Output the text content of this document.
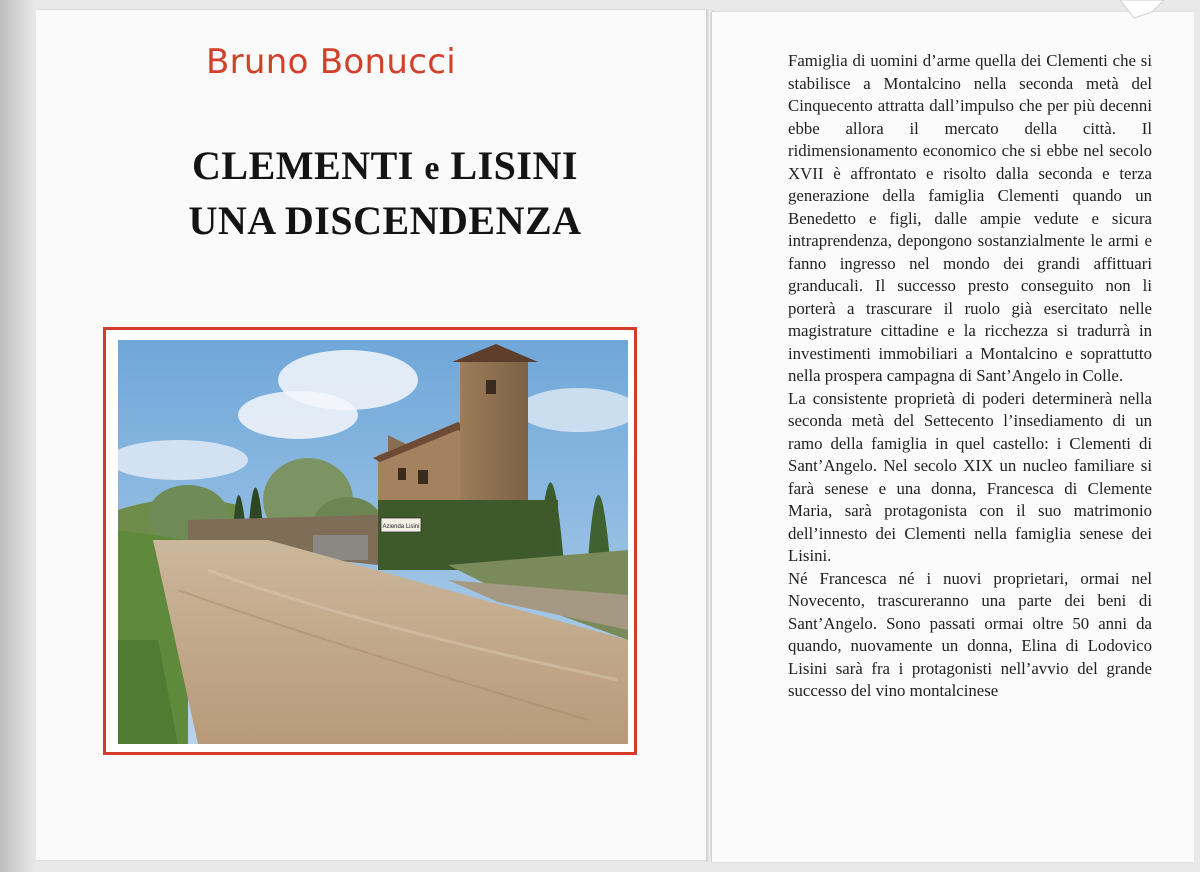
Bruno Bonucci
CLEMENTI e LISINI
UNA DISCENDENZA
Azienda Lisini

Famiglia di uomini d’arme quella dei Clementi che si stabilisce a Montalcino nella seconda metà del Cinquecento attratta dall’impulso che per più decenni ebbe allora il mercato della città. Il ridimensionamento economico che si ebbe nel secolo XVII è affrontato e risolto dalla seconda e terza generazione della famiglia Clementi quando un Benedetto e figli, dalle ampie vedute e sicura intraprendenza, depongono sostanzialmente le armi e fanno ingresso nel mondo dei grandi affittuari granducali. Il successo presto conseguito non li porterà a trascurare il ruolo già esercitato nelle magistrature cittadine e la ricchezza si tradurrà in investimenti immobiliari a Montalcino e soprattutto nella prospera campagna di Sant’Angelo in Colle.

La consistente proprietà di poderi determinerà nella seconda metà del Settecento l’insediamento di un ramo della famiglia in quel castello: i Clementi di Sant’Angelo. Nel secolo XIX un nucleo familiare si farà senese e una donna, Francesca di Clemente Maria, sarà protagonista con il suo matrimonio dell’innesto dei Clementi nella famiglia senese dei Lisini.

Né Francesca né i nuovi proprietari, ormai nel Novecento, trascureranno una parte dei beni di Sant’Angelo. Sono passati ormai oltre 50 anni da quando, nuovamente un donna, Elina di Lodovico Lisini sarà fra i protagonisti nell’avvio del grande successo del vino montalcinese
